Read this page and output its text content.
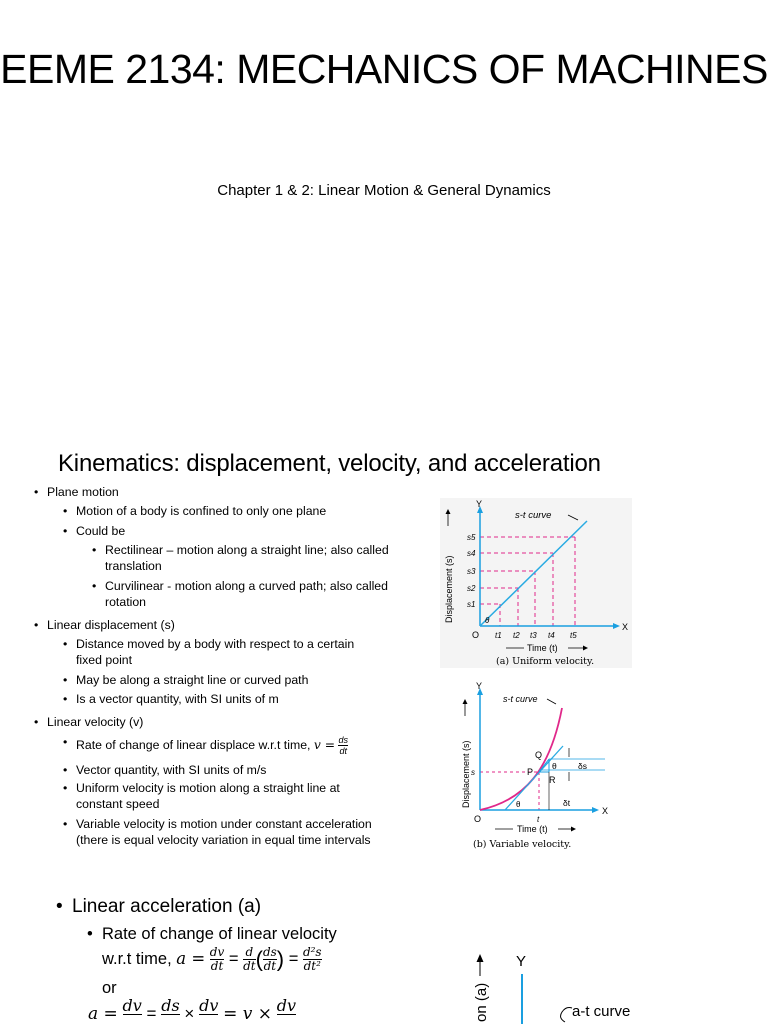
EEME 2134: MECHANICS OF MACHINES
Chapter 1 & 2: Linear Motion & General Dynamics
Kinematics: displacement, velocity, and acceleration
• Plane motion
• Motion of a body is confined to only one plane
• Could be
• Rectilinear – motion along a straight line; also called translation
• Curvilinear - motion along a curved path; also called rotation
• Linear displacement (s)
• Distance moved by a body with respect to a certain fixed point
• May be along a straight line or curved path
• Is a vector quantity, with SI units of m
• Linear velocity (v)
• Rate of change of linear displace w.r.t time, $v = \frac{ds}{dt}$
• Vector quantity, with SI units of m/s
• Uniform velocity is motion along a straight line at constant speed
• Variable velocity is motion under constant acceleration (there is equal velocity variation in equal time intervals
s-t curve
Y
X
O
θ
s5
s4
s3
s2
s1
t1 t2 t3 t4 t5
Time (t)
Displacement (s)
(a) Uniform velocity.
Q
P
R
θ	δs
δt
θ
s-t curve
Y
X
O
s
t
Time (t)
Displacement (s)
(b) Variable velocity.
• Linear acceleration (a)
• Rate of change of linear velocity
w.r.t time, $a = \frac{dv}{dt} = \frac{d}{dt}$ ( $\frac{ds}{dt}$ ) = $\frac{\text{d²s}}{\text{dt²}}$
or
a = dv
= ds
× dv
= v × dv

Y
on (a)	a-t curve
